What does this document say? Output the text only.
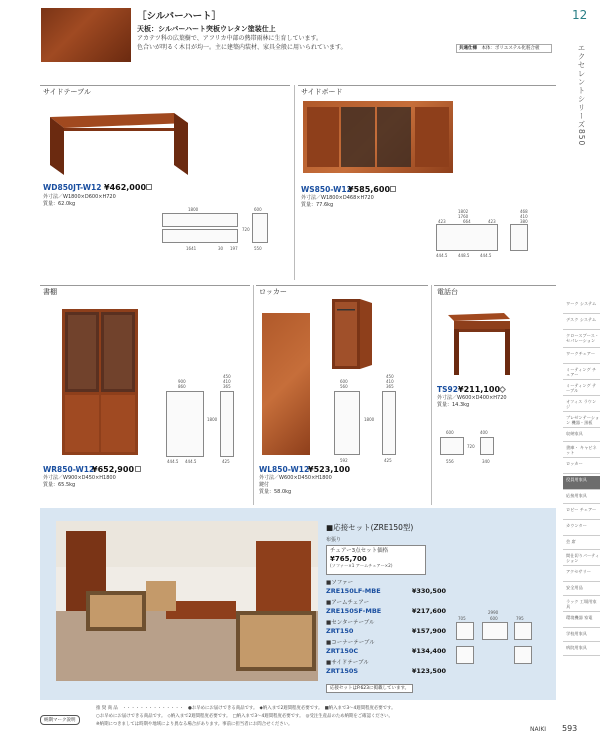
［シルバーハート］
天板：シルバーハート突板ウレタン塗装仕上
アカテツ科の広葉樹で、アフリカ中部の熱帯雨林に生育しています。
色合いが明るく木目が均一。主に建築内装材、家具全般に用いられています。	共通仕様 本体：ポリエステル化粧合板
12
エクセレントシリーズ850
サイドテーブル
WD850JT-W12 ¥462,000
外寸法／W1800×D600×H720
質量：62.0kg
1800	600
1641	30 197	550
720
サイドボード
WS850-W12
¥585,600
外寸法／W1800×D468×H720
質量：77.6kg
1802
1760
423	664	423
468
410
380
444.5	448.5	444.5
書棚
WR850-W12
¥652,900
外寸法／W900×D450×H1800
質量：65.5kg
900
860
450
410
365
1800
444.5 444.5	425
ロッカー
WL850-W12
¥523,100
外寸法／W600×D450×H1800
鍵付
質量：58.0kg
600
560
450
410
365
1800
592	425
電話台
TS92 ¥211,100
外寸法／W600×D400×H720
質量：14.3kg
600	400
720
556	340
■応接セット(ZRE150型)
布張り
チェアー3点セット価格
¥765,700
(ソファー×1 アームチェアー×2)
■ソファー
ZRE150LF-MBE	¥330,500
■アームチェアー
ZRE150SF-MBE	¥217,600
■センターテーブル
ZRT150	¥157,900
■コーナーテーブル
ZRT150C	¥134,400
■サイドテーブル
ZRT150S	¥123,500
応接セットはP.623に掲載しています。
2990
705	600	795
ワーク システム
デスク システム
クロースブース・ セパレーション
ワークチェアー
ミーティング チェアー
ミーティング テーブル
オフィス ラウンジ
プレゼンテーション 機器・黒板
収納家具
書庫・ キャビネット
ロッカー
役員用家具
応接用家具
ロビー チェアー
カウンター
会 席
間仕切りパーティ ション
アクセサリー
安全用品
ラック 工場用家具
環境機器 家電
学校用家具
病院用家具
納期マーク説明
推 奨 商 品　・・・・・・・・・・・・・・　●お早めにお届けできる商品です。　◆納入まで2週間程度必要です。　■納入まで3～4週間程度必要です。
○お早めにお届けできる商品です。　◇納入まで2週間程度必要です。　□納入まで3～4週間程度必要です。　◎受注生産品のため納期をご確認ください。
※納期につきましては時期や地域により異なる場合があります。事前に担当者にお問合せください。
NAIKI 593
